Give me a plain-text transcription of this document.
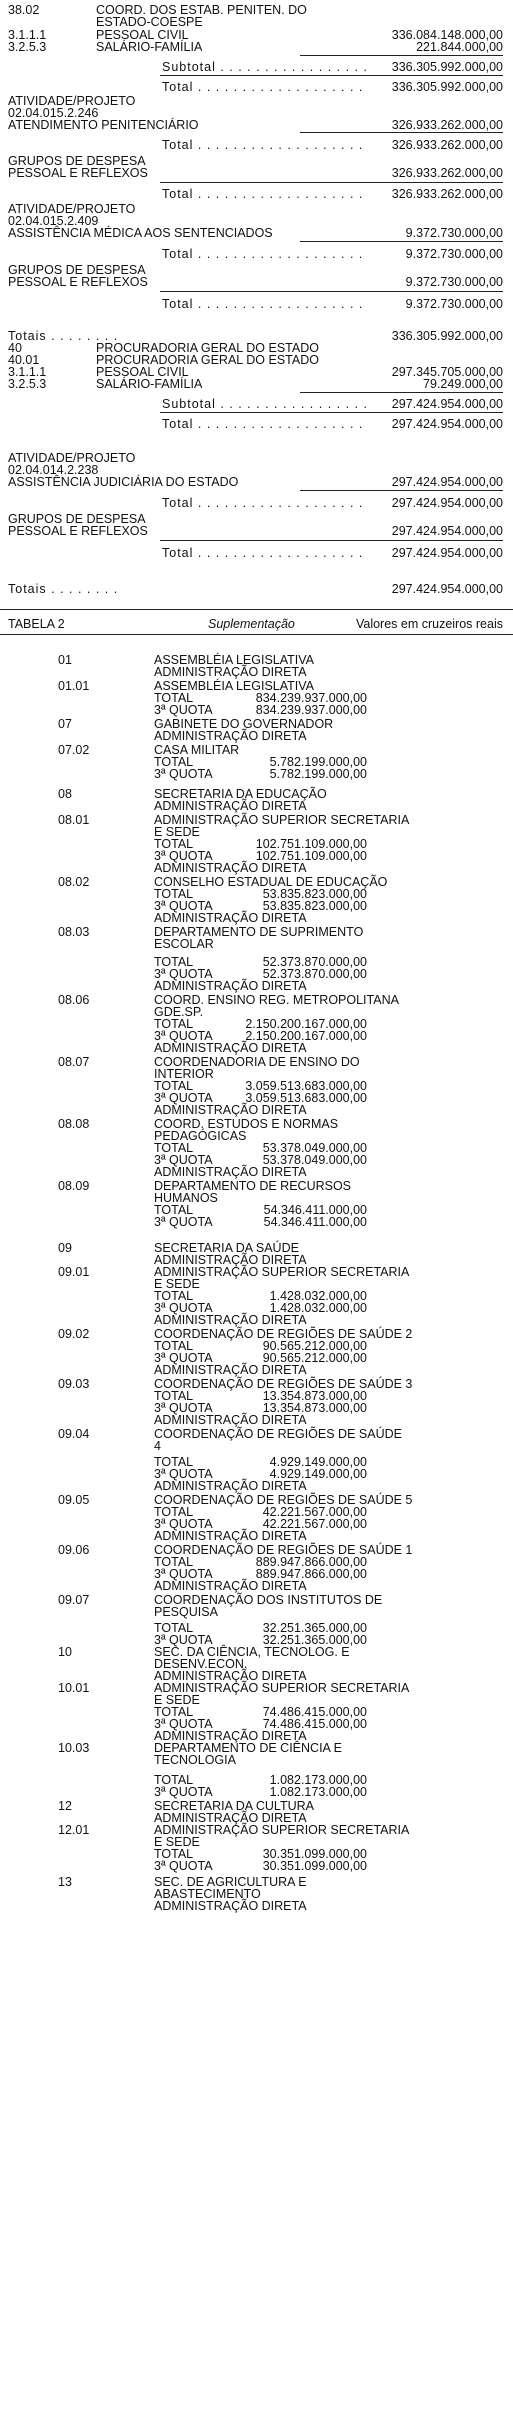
38.02	COORD. DOS ESTAB. PENITEN. DO
ESTADO-COESPE
3.1.1.1	PESSOAL CIVIL	336.084.148.000,00
3.2.5.3	SALÁRIO-FAMÍLIA	221.844.000,00
Subtotal . . . . . . . . . . . . . . . . . 336.305.992.000,00
Total . . . . . . . . . . . . . . . . . . . 336.305.992.000,00
ATIVIDADE/PROJETO
02.04.015.2.246
ATENDIMENTO PENITENCIÁRIO	326.933.262.000,00
Total . . . . . . . . . . . . . . . . . . . 326.933.262.000,00
GRUPOS DE DESPESA
PESSOAL E REFLEXOS	326.933.262.000,00
Total . . . . . . . . . . . . . . . . . . . 326.933.262.000,00
ATIVIDADE/PROJETO
02.04.015.2.409
ASSISTÊNCIA MÉDICA AOS SENTENCIADOS	9.372.730.000,00
Total . . . . . . . . . . . . . . . . . . .	9.372.730.000,00
GRUPOS DE DESPESA
PESSOAL E REFLEXOS	9.372.730.000,00
Total . . . . . . . . . . . . . . . . . . .	9.372.730.000,00
Totais . . . . . . . .	336.305.992.000,00
40	PROCURADORIA GERAL DO ESTADO
40.01	PROCURADORIA GERAL DO ESTADO
3.1.1.1	PESSOAL CIVIL	297.345.705.000,00
3.2.5.3	SALÁRIO-FAMÍLIA	79.249.000,00
Subtotal . . . . . . . . . . . . . . . . . 297.424.954.000,00
Total . . . . . . . . . . . . . . . . . . . 297.424.954.000,00
ATIVIDADE/PROJETO
02.04.014.2.238
ASSISTÊNCIA JUDICIÁRIA DO ESTADO	297.424.954.000,00
Total . . . . . . . . . . . . . . . . . . . 297.424.954.000,00
GRUPOS DE DESPESA
PESSOAL E REFLEXOS	297.424.954.000,00
Total . . . . . . . . . . . . . . . . . . . 297.424.954.000,00
Totais . . . . . . . .	297.424.954.000,00
TABELA 2	Suplementação	Valores em cruzeiros reais
01	ASSEMBLÉIA LEGISLATIVA
ADMINISTRAÇÃO DIRETA
01.01	ASSEMBLÉIA LEGISLATIVA
TOTAL	834.239.937.000,00
3ª QUOTA	834.239.937.000,00
07	GABINETE DO GOVERNADOR
ADMINISTRAÇÃO DIRETA
07.02	CASA MILITAR
TOTAL	5.782.199.000,00
3ª QUOTA	5.782.199.000,00
08	SECRETARIA DA EDUCAÇÃO
ADMINISTRAÇÃO DIRETA
08.01	ADMINISTRAÇÃO SUPERIOR SECRETARIA
E SEDE
TOTAL	102.751.109.000,00
3ª QUOTA	102.751.109.000,00
ADMINISTRAÇÃO DIRETA
08.02	CONSELHO ESTADUAL DE EDUCAÇÃO
TOTAL	53.835.823.000,00
3ª QUOTA	53.835.823.000,00
ADMINISTRAÇÃO DIRETA
08.03	DEPARTAMENTO DE SUPRIMENTO
ESCOLAR
TOTAL	52.373.870.000,00
3ª QUOTA	52.373.870.000,00
ADMINISTRAÇÃO DIRETA
08.06	COORD. ENSINO REG. METROPOLITANA
GDE.SP.
TOTAL	2.150.200.167.000,00
3ª QUOTA	2.150.200.167.000,00
ADMINISTRAÇÃO DIRETA
08.07	COORDENADORIA DE ENSINO DO
INTERIOR
TOTAL	3.059.513.683.000,00
3ª QUOTA	3.059.513.683.000,00
ADMINISTRAÇÃO DIRETA
08.08	COORD. ESTUDOS E NORMAS
PEDAGÓGICAS
TOTAL	53.378.049.000,00
3ª QUOTA	53.378.049.000,00
ADMINISTRAÇÃO DIRETA
08.09	DEPARTAMENTO DE RECURSOS
HUMANOS
TOTAL	54.346.411.000,00
3ª QUOTA	54.346.411.000,00
09	SECRETARIA DA SAÚDE
ADMINISTRAÇÃO DIRETA
09.01	ADMINISTRAÇÃO SUPERIOR SECRETARIA
E SEDE
TOTAL	1.428.032.000,00
3ª QUOTA	1.428.032.000,00
ADMINISTRAÇÃO DIRETA
09.02	COORDENAÇÃO DE REGIÕES DE SAÚDE 2
TOTAL	90.565.212.000,00
3ª QUOTA	90.565.212.000,00
ADMINISTRAÇÃO DIRETA
09.03	COORDENAÇÃO DE REGIÕES DE SAÚDE 3
TOTAL	13.354.873.000,00
3ª QUOTA	13.354.873.000,00
ADMINISTRAÇÃO DIRETA
09.04	COORDENAÇÃO DE REGIÕES DE SAÚDE
4
TOTAL	4.929.149.000,00
3ª QUOTA	4.929.149.000,00
ADMINISTRAÇÃO DIRETA
09.05	COORDENAÇÃO DE REGIÕES DE SAÚDE 5
TOTAL	42.221.567.000,00
3ª QUOTA	42.221.567.000,00
ADMINISTRAÇÃO DIRETA
09.06	COORDENAÇÃO DE REGIÕES DE SAÚDE 1
TOTAL	889.947.866.000,00
3ª QUOTA	889.947.866.000,00
ADMINISTRAÇÃO DIRETA
09.07	COORDENAÇÃO DOS INSTITUTOS DE
PESQUISA
TOTAL	32.251.365.000,00
3ª QUOTA	32.251.365.000,00
10	SEC. DA CIÊNCIA, TECNOLOG. E
DESENV.ECON.
ADMINISTRAÇÃO DIRETA
10.01	ADMINISTRAÇÃO SUPERIOR SECRETARIA
E SEDE
TOTAL	74.486.415.000,00
3ª QUOTA	74.486.415.000,00
ADMINISTRAÇÃO DIRETA
10.03	DEPARTAMENTO DE CIÊNCIA E
TECNOLOGIA
TOTAL	1.082.173.000,00
3ª QUOTA	1.082.173.000,00
12	SECRETARIA DA CULTURA
ADMINISTRAÇÃO DIRETA
12.01	ADMINISTRAÇÃO SUPERIOR SECRETARIA
E SEDE
TOTAL	30.351.099.000,00
3ª QUOTA	30.351.099.000,00
13	SEC. DE AGRICULTURA E
ABASTECIMENTO
ADMINISTRAÇÃO DIRETA
